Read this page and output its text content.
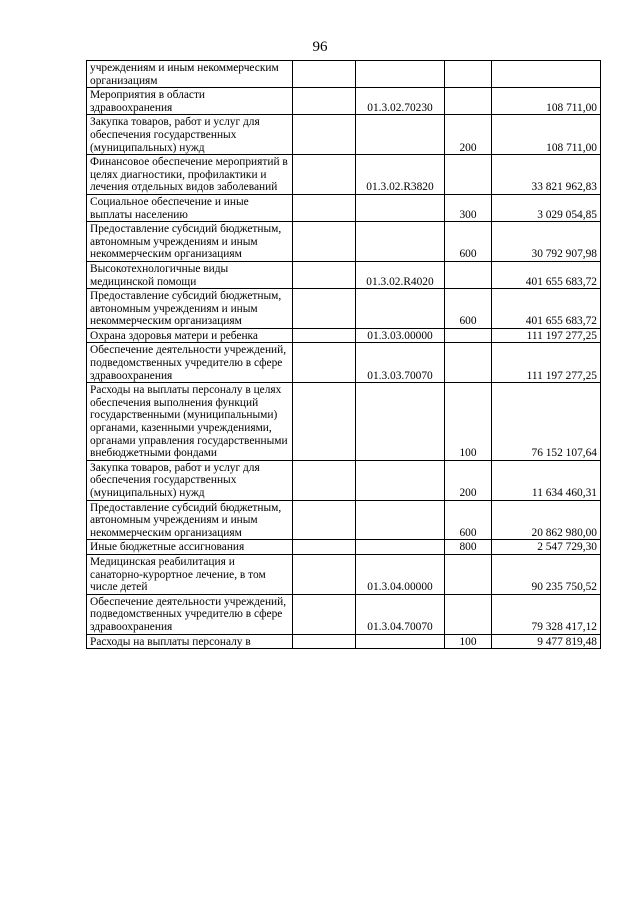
96
учреждениям и иным некоммерческим организациям				
Мероприятия в области здравоохранения		01.3.02.70230		108 711,00
Закупка товаров, работ и услуг для обеспечения государственных (муниципальных) нужд			200	108 711,00
Финансовое обеспечение мероприятий в целях диагностики, профилактики и лечения отдельных видов заболеваний		01.3.02.R3820		33 821 962,83
Социальное обеспечение и иные выплаты населению			300	3 029 054,85
Предоставление субсидий бюджетным, автономным учреждениям и иным некоммерческим организациям			600	30 792 907,98
Высокотехнологичные виды медицинской помощи		01.3.02.R4020		401 655 683,72
Предоставление субсидий бюджетным, автономным учреждениям и иным некоммерческим организациям			600	401 655 683,72
Охрана здоровья матери и ребенка		01.3.03.00000		111 197 277,25
Обеспечение деятельности учреждений, подведомственных учредителю в сфере здравоохранения		01.3.03.70070		111 197 277,25
Расходы на выплаты персоналу в целях обеспечения выполнения функций государственными (муниципальными) органами, казенными учреждениями, органами управления государственными внебюджетными фондами			100	76 152 107,64
Закупка товаров, работ и услуг для обеспечения государственных (муниципальных) нужд			200	11 634 460,31
Предоставление субсидий бюджетным, автономным учреждениям и иным некоммерческим организациям			600	20 862 980,00
Иные бюджетные ассигнования			800	2 547 729,30
Медицинская реабилитация и санаторно-курортное лечение, в том числе детей		01.3.04.00000		90 235 750,52
Обеспечение деятельности учреждений, подведомственных учредителю в сфере здравоохранения		01.3.04.70070		79 328 417,12
Расходы на выплаты персоналу в			100	9 477 819,48
